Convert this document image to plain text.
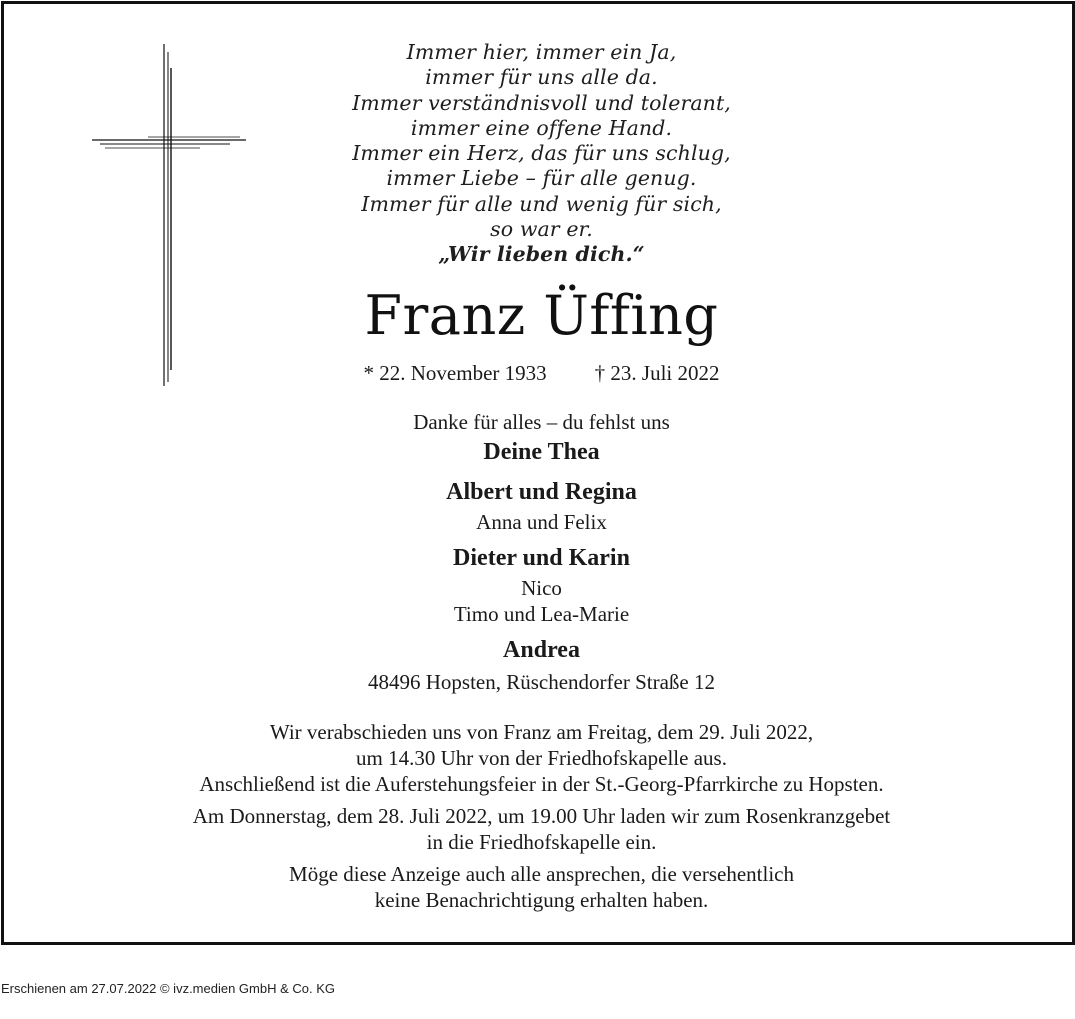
Immer hier, immer ein Ja,
immer für uns alle da.
Immer verständnisvoll und tolerant,
immer eine offene Hand.
Immer ein Herz, das für uns schlug,
immer Liebe – für alle genug.
Immer für alle und wenig für sich,
so war er.
„Wir lieben dich.“
Franz Üffing
* 22. November 1933 † 23. Juli 2022
Danke für alles – du fehlst uns
Deine Thea
Albert und Regina
Anna und Felix
Dieter und Karin
Nico
Timo und Lea-Marie
Andrea
48496 Hopsten, Rüschendorfer Straße 12
Wir verabschieden uns von Franz am Freitag, dem 29. Juli 2022,
um 14.30 Uhr von der Friedhofskapelle aus.
Anschließend ist die Auferstehungsfeier in der St.-Georg-Pfarrkirche zu Hopsten.
Am Donnerstag, dem 28. Juli 2022, um 19.00 Uhr laden wir zum Rosenkranzgebet
in die Friedhofskapelle ein.
Möge diese Anzeige auch alle ansprechen, die versehentlich
keine Benachrichtigung erhalten haben.
Erschienen am 27.07.2022 © ivz.medien GmbH & Co. KG
